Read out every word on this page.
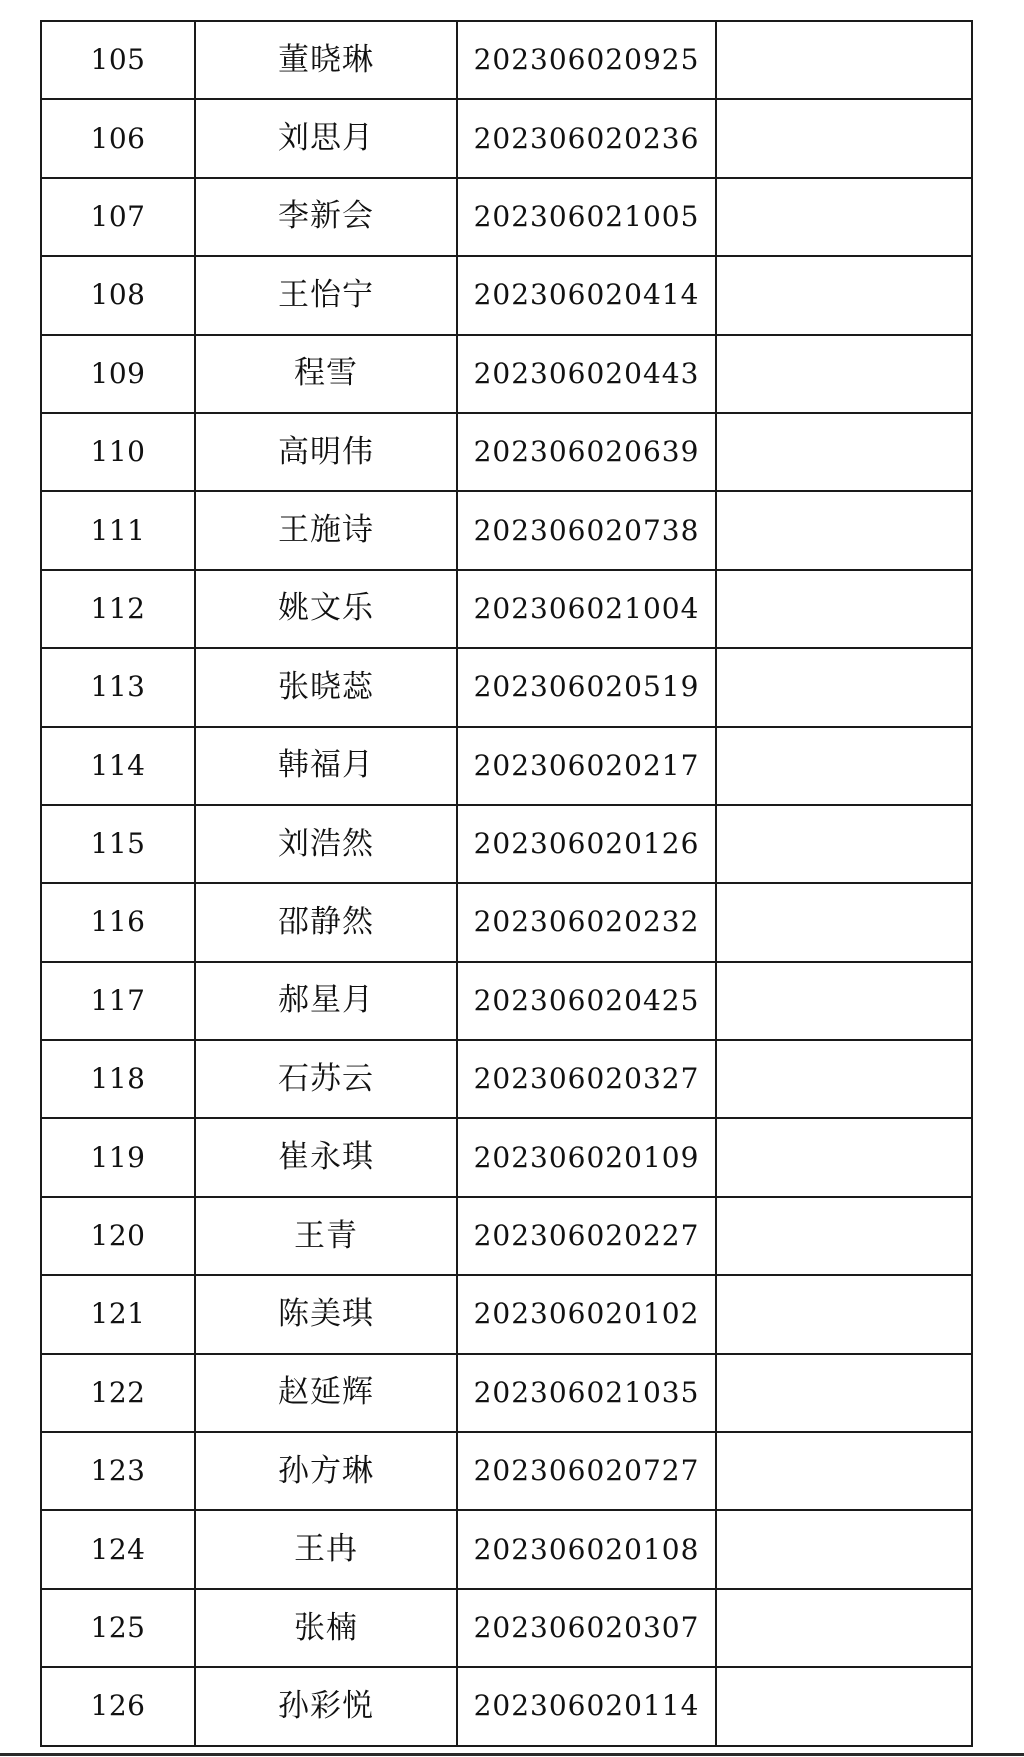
105	董晓琳	202306020925	
106	刘思月	202306020236	
107	李新会	202306021005	
108	王怡宁	202306020414	
109	程雪	202306020443	
110	高明伟	202306020639	
111	王施诗	202306020738	
112	姚文乐	202306021004	
113	张晓蕊	202306020519	
114	韩福月	202306020217	
115	刘浩然	202306020126	
116	邵静然	202306020232	
117	郝星月	202306020425	
118	石苏云	202306020327	
119	崔永琪	202306020109	
120	王青	202306020227	
121	陈美琪	202306020102	
122	赵延辉	202306021035	
123	孙方琳	202306020727	
124	王冉	202306020108	
125	张楠	202306020307	
126	孙彩悦	202306020114	
